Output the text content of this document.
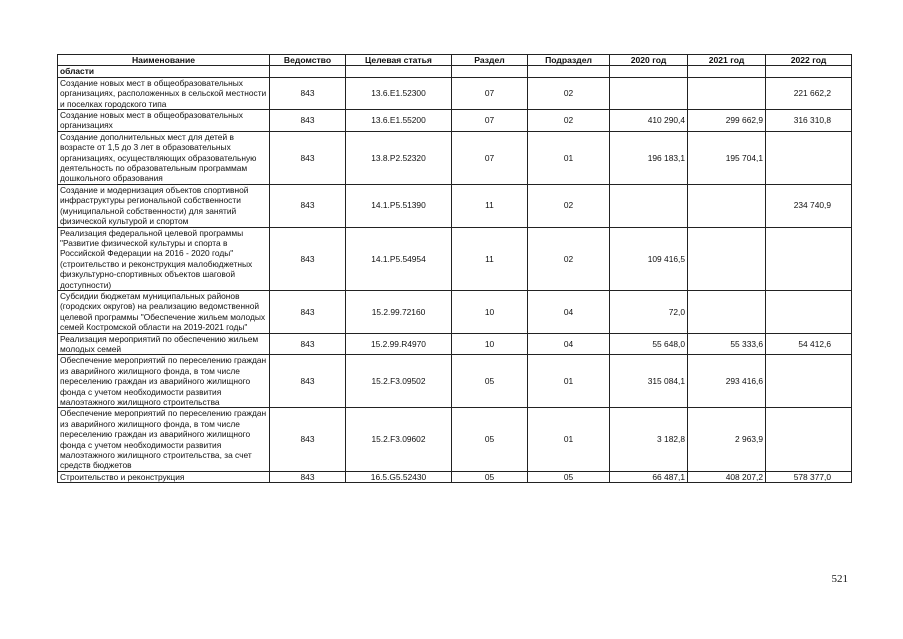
Наименование	Ведомство	Целевая статья	Раздел	Подраздел	2020 год	2021 год	2022 год
области							
Создание новых мест в общеобразовательных организациях, расположенных в сельской местности и поселках городского типа	843	13.6.E1.52300	07	02			221 662,2
Создание новых мест в общеобразовательных организациях	843	13.6.E1.55200	07	02	410 290,4	299 662,9	316 310,8
Создание дополнительных мест для детей в возрасте от 1,5 до 3 лет в образовательных организациях, осуществляющих образовательную деятельность по образовательным программам дошкольного образования	843	13.8.P2.52320	07	01	196 183,1	195 704,1	
Создание и модернизация объектов спортивной инфраструктуры региональной собственности (муниципальной собственности) для занятий физической культурой и спортом	843	14.1.P5.51390	11	02			234 740,9
Реализация федеральной целевой программы "Развитие физической культуры и спорта в Российской Федерации на 2016 - 2020 годы" (строительство и реконструкция малобюджетных физкультурно-спортивных объектов шаговой доступности)	843	14.1.P5.54954	11	02	109 416,5		
Субсидии бюджетам муниципальных районов (городских округов) на реализацию ведомственной целевой программы "Обеспечение жильем молодых семей Костромской области на 2019-2021 годы"	843	15.2.99.72160	10	04	72,0		
Реализация мероприятий по обеспечению жильем молодых семей	843	15.2.99.R4970	10	04	55 648,0	55 333,6	54 412,6
Обеспечение мероприятий по переселению граждан из аварийного жилищного фонда, в том числе переселению граждан из аварийного жилищного фонда с учетом необходимости развития малоэтажного жилищного строительства	843	15.2.F3.09502	05	01	315 084,1	293 416,6	
Обеспечение мероприятий по переселению граждан из аварийного жилищного фонда, в том числе переселению граждан из аварийного жилищного фонда с учетом необходимости развития малоэтажного жилищного строительства, за счет средств бюджетов	843	15.2.F3.09602	05	01	3 182,8	2 963,9	
Строительство и реконструкция	843	16.5.G5.52430	05	05	66 487,1	408 207,2	578 377,0
521
